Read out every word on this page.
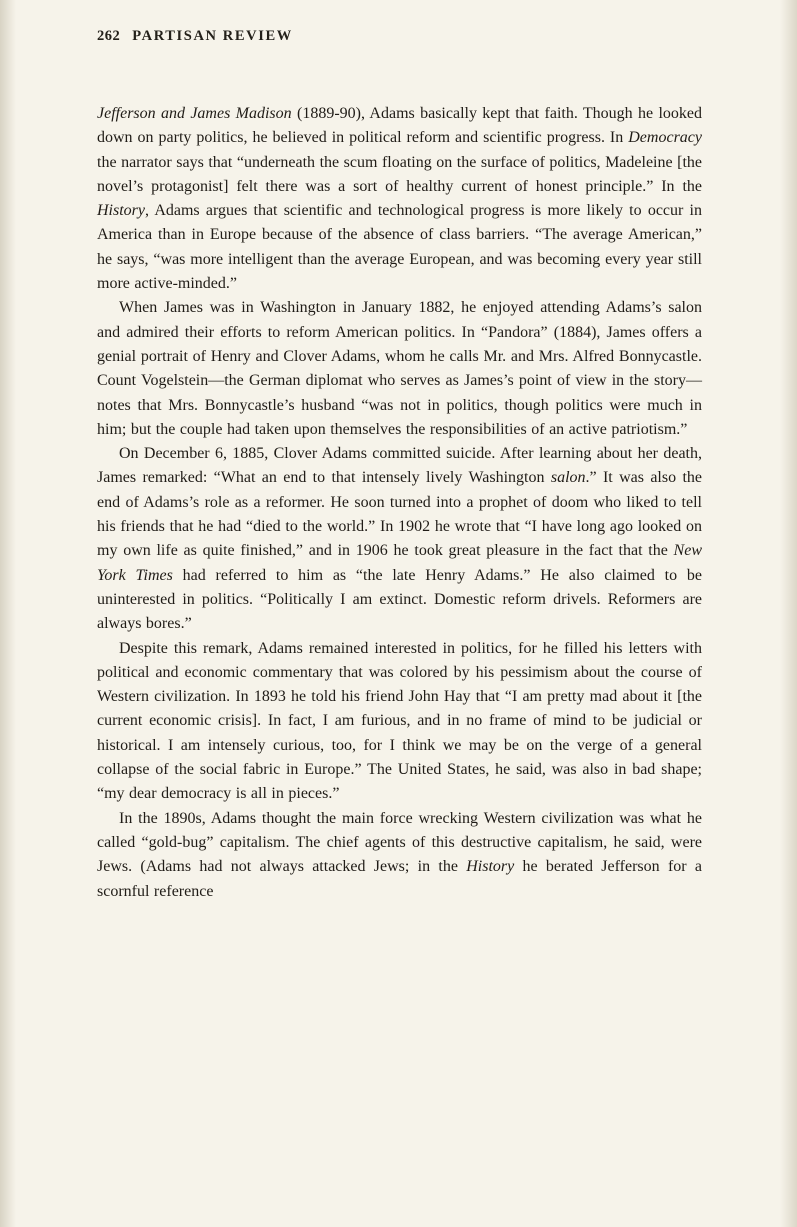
262 PARTISAN REVIEW

Jefferson and James Madison (1889-90), Adams basically kept that faith. Though he looked down on party politics, he believed in political reform and scientific progress. In Democracy the narrator says that “underneath the scum floating on the surface of politics, Madeleine [the novel’s protagonist] felt there was a sort of healthy current of honest principle.” In the History, Adams argues that scientific and technological progress is more likely to occur in America than in Europe because of the absence of class barriers. “The average American,” he says, “was more intelligent than the average European, and was becoming every year still more active-minded.”

When James was in Washington in January 1882, he enjoyed attending Adams’s salon and admired their efforts to reform American politics. In “Pandora” (1884), James offers a genial portrait of Henry and Clover Adams, whom he calls Mr. and Mrs. Alfred Bonnycastle. Count Vogelstein—the German diplomat who serves as James’s point of view in the story—notes that Mrs. Bonnycastle’s husband “was not in politics, though politics were much in him; but the couple had taken upon themselves the responsibilities of an active patriotism.”

On December 6, 1885, Clover Adams committed suicide. After learning about her death, James remarked: “What an end to that intensely lively Washington salon.” It was also the end of Adams’s role as a reformer. He soon turned into a prophet of doom who liked to tell his friends that he had “died to the world.” In 1902 he wrote that “I have long ago looked on my own life as quite finished,” and in 1906 he took great pleasure in the fact that the New York Times had referred to him as “the late Henry Adams.” He also claimed to be uninterested in politics. “Politically I am extinct. Domestic reform drivels. Reformers are always bores.”

Despite this remark, Adams remained interested in politics, for he filled his letters with political and economic commentary that was colored by his pessimism about the course of Western civilization. In 1893 he told his friend John Hay that “I am pretty mad about it [the current economic crisis]. In fact, I am furious, and in no frame of mind to be judicial or historical. I am intensely curious, too, for I think we may be on the verge of a general collapse of the social fabric in Europe.” The United States, he said, was also in bad shape; “my dear democracy is all in pieces.”

In the 1890s, Adams thought the main force wrecking Western civilization was what he called “gold-bug” capitalism. The chief agents of this destructive capitalism, he said, were Jews. (Adams had not always attacked Jews; in the History he berated Jefferson for a scornful reference
